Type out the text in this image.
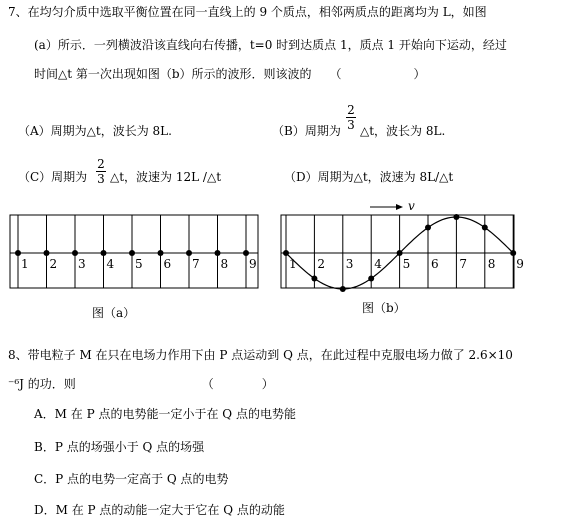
7、在均匀介质中选取平衡位置在同一直线上的 9 个质点，相邻两质点的距离均为 L，如图
(a）所示．一列横波沿该直线向右传播，t=0 时到达质点 1，质点 1 开始向下运动，经过
时间△t 第一次出现如图（b）所示的波形．则该波的　　（　　　　　　）
（A）周期为△t，波长为 8L.	（B）周期为
2
3 △t，波长为 8L.
（C）周期为
2
3 △t，波速为 12L /△t	（D）周期为△t，波速为 8L/△t
1 2 3 4 5 6 7 8 9
图（a）
1 2 3 4 5 6 7 8 9
v
图（b）
8、带电粒子 M 在只在电场力作用下由 P 点运动到 Q 点，在此过程中克服电场力做了 2.6×10
⁻⁶J 的功．则　　　　　　　　　　　（　　　　）
A．M 在 P 点的电势能一定小于在 Q 点的电势能
B．P 点的场强小于 Q 点的场强
C．P 点的电势一定高于 Q 点的电势
D．M 在 P 点的动能一定大于它在 Q 点的动能
